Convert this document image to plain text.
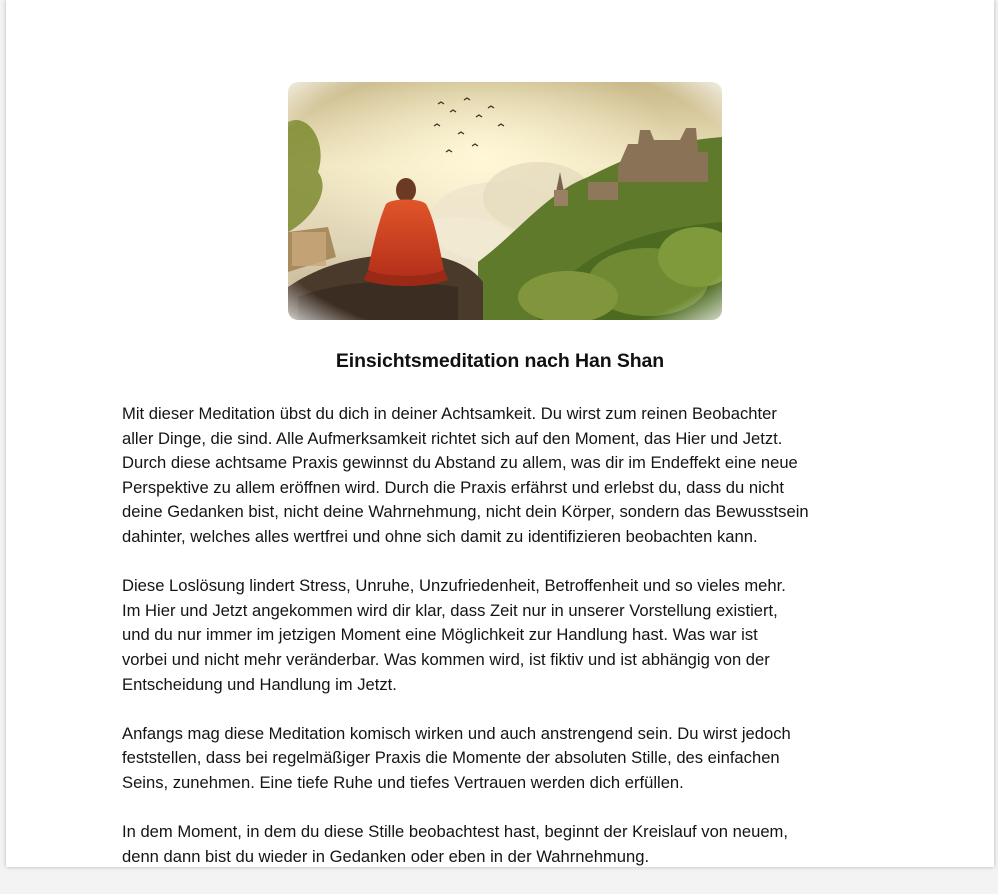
Einsichtsmeditation nach Han Shan

Mit dieser Meditation übst du dich in deiner Achtsamkeit. Du wirst zum reinen Beobachter
aller Dinge, die sind. Alle Aufmerksamkeit richtet sich auf den Moment, das Hier und Jetzt.
Durch diese achtsame Praxis gewinnst du Abstand zu allem, was dir im Endeffekt eine neue
Perspektive zu allem eröffnen wird. Durch die Praxis erfährst und erlebst du, dass du nicht
deine Gedanken bist, nicht deine Wahrnehmung, nicht dein Körper, sondern das Bewusstsein
dahinter, welches alles wertfrei und ohne sich damit zu identifizieren beobachten kann.

Diese Loslösung lindert Stress, Unruhe, Unzufriedenheit, Betroffenheit und so vieles mehr.
Im Hier und Jetzt angekommen wird dir klar, dass Zeit nur in unserer Vorstellung existiert,
und du nur immer im jetzigen Moment eine Möglichkeit zur Handlung hast. Was war ist
vorbei und nicht mehr veränderbar. Was kommen wird, ist fiktiv und ist abhängig von der
Entscheidung und Handlung im Jetzt.

Anfangs mag diese Meditation komisch wirken und auch anstrengend sein. Du wirst jedoch
feststellen, dass bei regelmäßiger Praxis die Momente der absoluten Stille, des einfachen
Seins, zunehmen. Eine tiefe Ruhe und tiefes Vertrauen werden dich erfüllen.

In dem Moment, in dem du diese Stille beobachtest hast, beginnt der Kreislauf von neuem,
denn dann bist du wieder in Gedanken oder eben in der Wahrnehmung.
